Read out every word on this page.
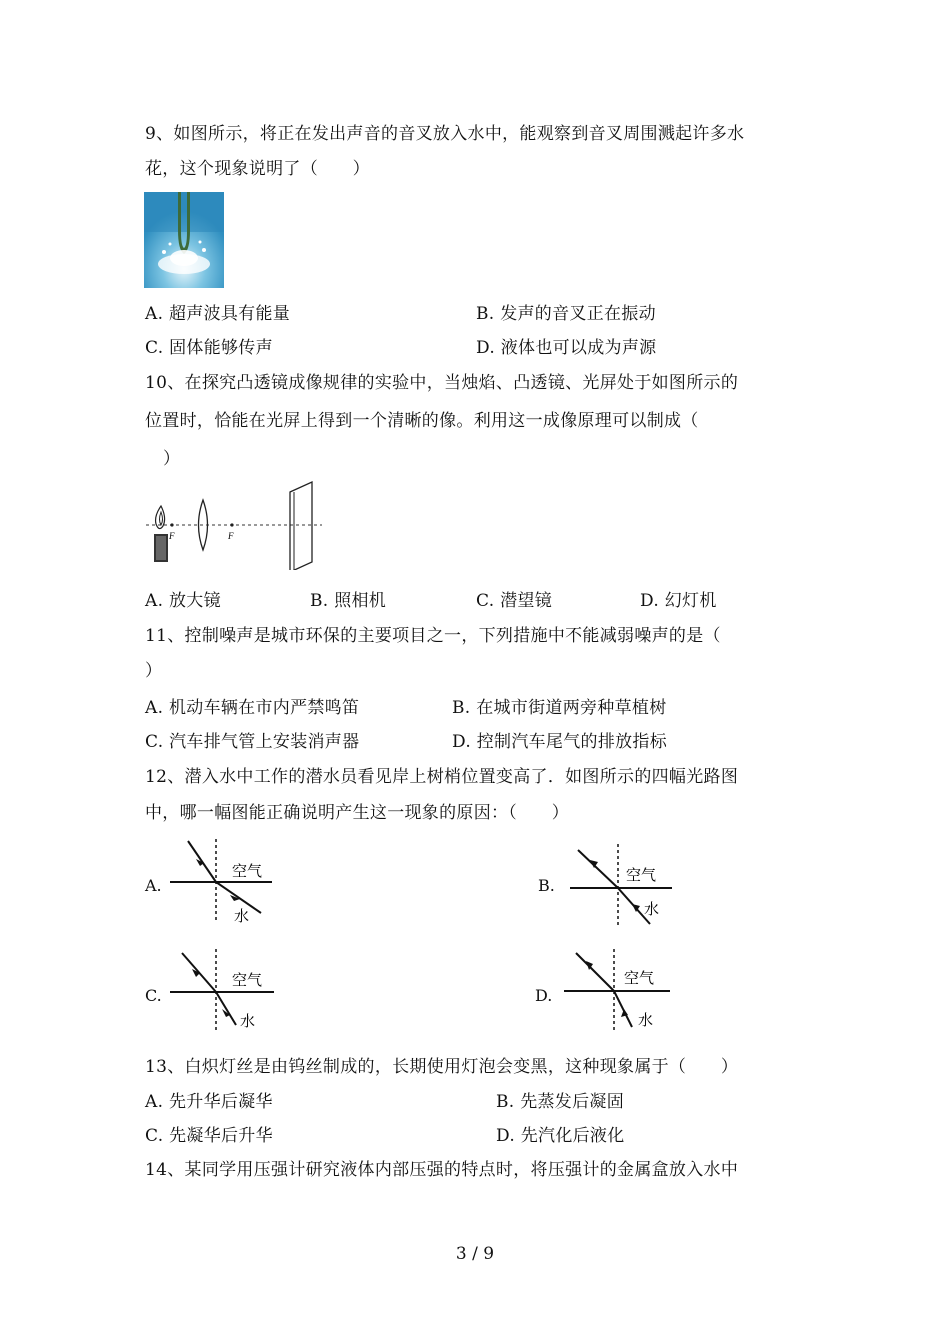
9、如图所示，将正在发出声音的音叉放入水中，能观察到音叉周围溅起许多水
花，这个现象说明了（　　）
A. 超声波具有能量	B. 发声的音叉正在振动
C. 固体能够传声	D. 液体也可以成为声源
10、在探究凸透镜成像规律的实验中，当烛焰、凸透镜、光屏处于如图所示的
位置时，恰能在光屏上得到一个清晰的像。利用这一成像原理可以制成（
）
F	F
A. 放大镜	B. 照相机	C. 潜望镜	D. 幻灯机
11、控制噪声是城市环保的主要项目之一，下列措施中不能减弱噪声的是（
）
A. 机动车辆在市内严禁鸣笛	B. 在城市街道两旁种草植树
C. 汽车排气管上安装消声器	D. 控制汽车尾气的排放指标
12、潜入水中工作的潜水员看见岸上树梢位置变高了．如图所示的四幅光路图
中，哪一幅图能正确说明产生这一现象的原因：（　　）
A.
空气
水
B.
空气
水
C.
空气
水
D.
空气
水
13、白炽灯丝是由钨丝制成的，长期使用灯泡会变黑，这种现象属于（　　）
A. 先升华后凝华	B. 先蒸发后凝固
C. 先凝华后升华	D. 先汽化后液化
14、某同学用压强计研究液体内部压强的特点时，将压强计的金属盒放入水中
3 / 9
